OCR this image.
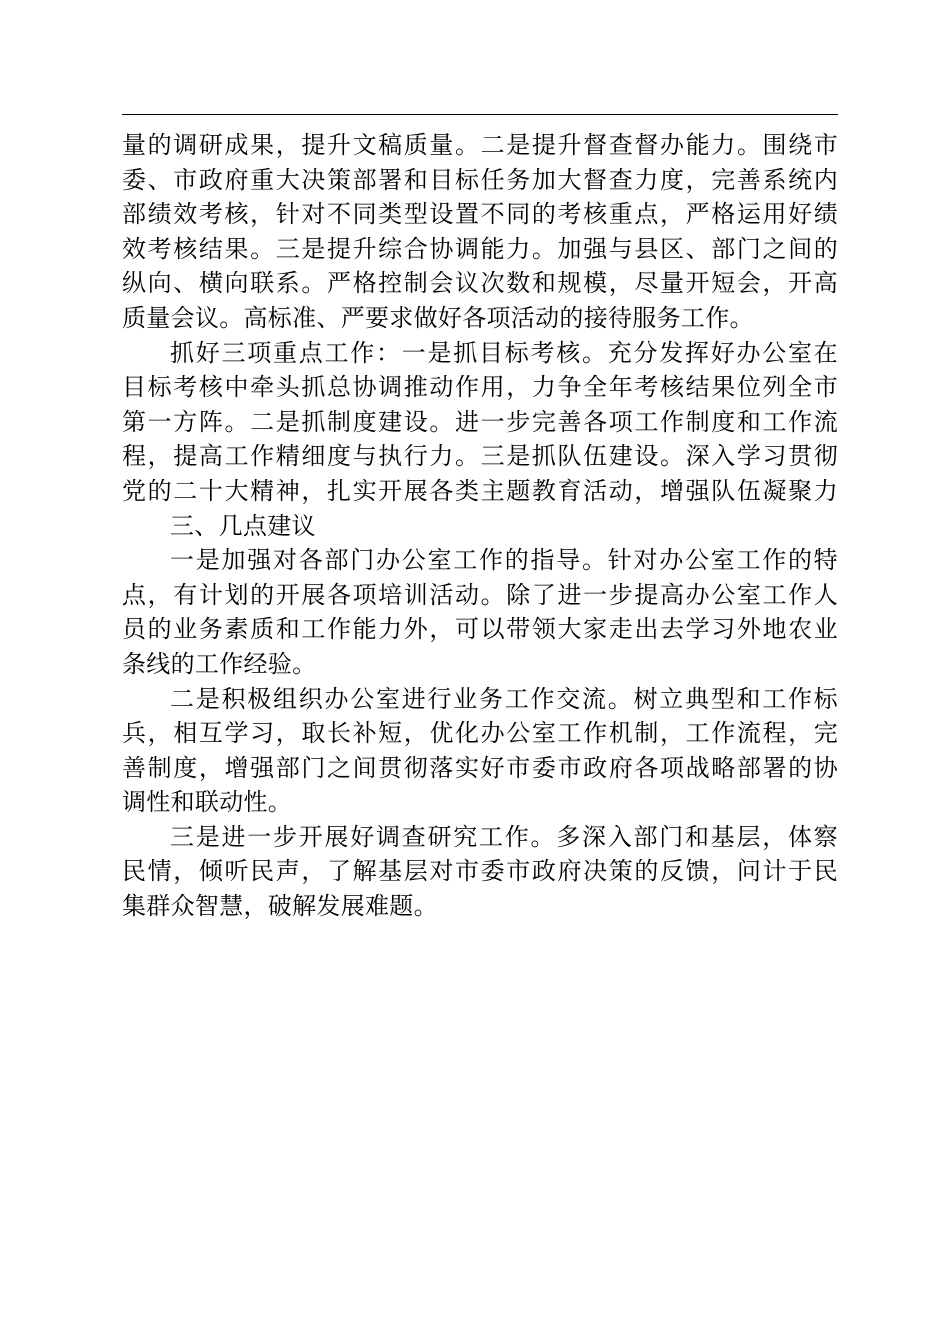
量的调研成果，提升文稿质量。二是提升督查督办能力。围绕市
委、市政府重大决策部署和目标任务加大督查力度，完善系统内
部绩效考核，针对不同类型设置不同的考核重点，严格运用好绩
效考核结果。三是提升综合协调能力。加强与县区、部门之间的
纵向、横向联系。严格控制会议次数和规模，尽量开短会，开高
质量会议。高标准、严要求做好各项活动的接待服务工作。
抓好三项重点工作：一是抓目标考核。充分发挥好办公室在
目标考核中牵头抓总协调推动作用，力争全年考核结果位列全市
第一方阵。二是抓制度建设。进一步完善各项工作制度和工作流
程，提高工作精细度与执行力。三是抓队伍建设。深入学习贯彻
党的二十大精神，扎实开展各类主题教育活动，增强队伍凝聚力
三、几点建议
一是加强对各部门办公室工作的指导。针对办公室工作的特
点，有计划的开展各项培训活动。除了进一步提高办公室工作人
员的业务素质和工作能力外，可以带领大家走出去学习外地农业
条线的工作经验。
二是积极组织办公室进行业务工作交流。树立典型和工作标
兵，相互学习，取长补短，优化办公室工作机制，工作流程，完
善制度，增强部门之间贯彻落实好市委市政府各项战略部署的协
调性和联动性。
三是进一步开展好调查研究工作。多深入部门和基层，体察
民情，倾听民声，了解基层对市委市政府决策的反馈，问计于民
集群众智慧，破解发展难题。
